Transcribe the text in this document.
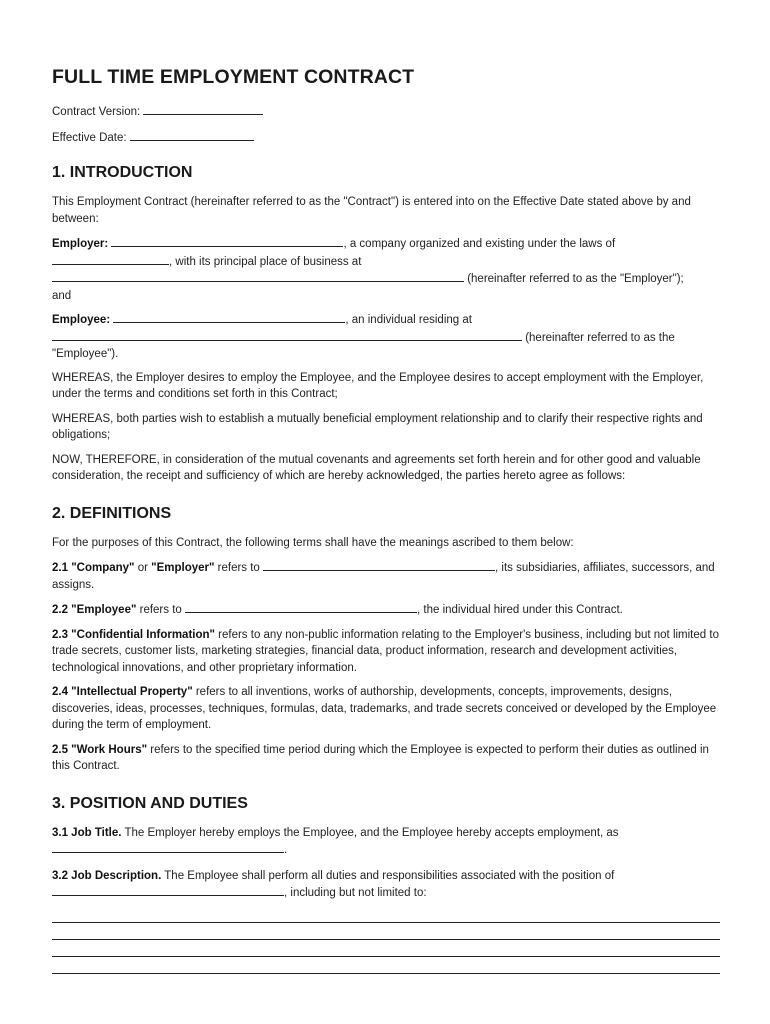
FULL TIME EMPLOYMENT CONTRACT

Contract Version:

Effective Date:

1. INTRODUCTION

This Employment Contract (hereinafter referred to as the "Contract") is entered into on the Effective Date stated above by and between:

Employer:	, a company organized and existing under the laws of
, with its principal place of business at
(hereinafter referred to as the "Employer");
and

Employee:	, an individual residing at
(hereinafter referred to as the "Employee").

WHEREAS, the Employer desires to employ the Employee, and the Employee desires to accept employment with the Employer, under the terms and conditions set forth in this Contract;

WHEREAS, both parties wish to establish a mutually beneficial employment relationship and to clarify their respective rights and obligations;

NOW, THEREFORE, in consideration of the mutual covenants and agreements set forth herein and for other good and valuable consideration, the receipt and sufficiency of which are hereby acknowledged, the parties hereto agree as follows:

2. DEFINITIONS

For the purposes of this Contract, the following terms shall have the meanings ascribed to them below:

2.1 "Company" or "Employer" refers to	, its subsidiaries, affiliates, successors, and assigns.

2.2 "Employee" refers to	, the individual hired under this Contract.

2.3 "Confidential Information" refers to any non-public information relating to the Employer's business, including but not limited to trade secrets, customer lists, marketing strategies, financial data, product information, research and development activities, technological innovations, and other proprietary information.

2.4 "Intellectual Property" refers to all inventions, works of authorship, developments, concepts, improvements, designs, discoveries, ideas, processes, techniques, formulas, data, trademarks, and trade secrets conceived or developed by the Employee during the term of employment.

2.5 "Work Hours" refers to the specified time period during which the Employee is expected to perform their duties as outlined in this Contract.

3. POSITION AND DUTIES

3.1 Job Title. The Employer hereby employs the Employee, and the Employee hereby accepts employment, as
.

3.2 Job Description. The Employee shall perform all duties and responsibilities associated with the position of
, including but not limited to:
